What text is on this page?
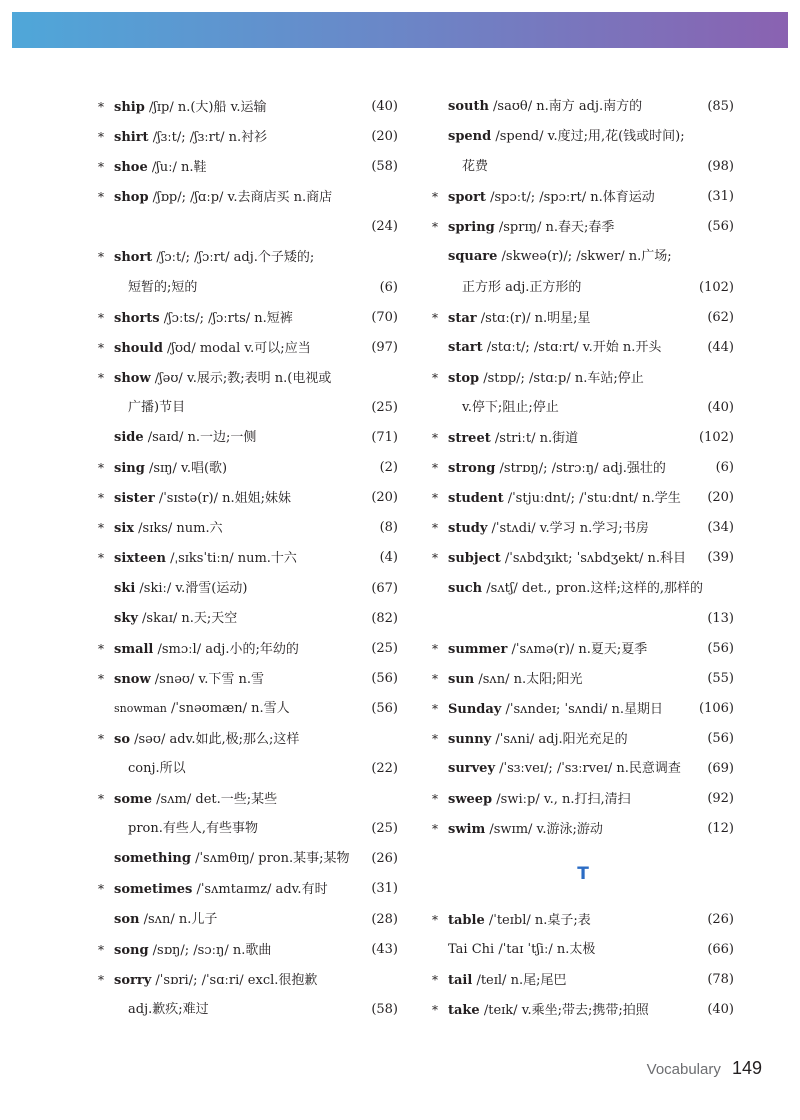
* ship /ʃɪp/ n.(大)船 v.运输	(40)
* shirt /ʃɜːt/; /ʃɜːrt/ n.衬衫	(20)
* shoe /ʃuː/ n.鞋	(58)
* shop /ʃɒp/; /ʃɑːp/ v.去商店买 n.商店
(24)
* short /ʃɔːt/; /ʃɔːrt/ adj.个子矮的;
短暂的;短的	(6)
* shorts /ʃɔːts/; /ʃɔːrts/ n.短裤	(70)
* should /ʃʊd/ modal v.可以;应当	(97)
* show /ʃəʊ/ v.展示;教;表明 n.(电视或
广播)节目	(25)
side /saɪd/ n.一边;一侧	(71)
* sing /sɪŋ/ v.唱(歌)	(2)
* sister /ˈsɪstə(r)/ n.姐姐;妹妹	(20)
* six /sɪks/ num.六	(8)
* sixteen /ˌsɪksˈtiːn/ num.十六	(4)
ski /skiː/ v.滑雪(运动)	(67)
sky /skaɪ/ n.天;天空	(82)
* small /smɔːl/ adj.小的;年幼的	(25)
* snow /snəʊ/ v.下雪 n.雪	(56)
snowman /ˈsnəʊmæn/ n.雪人	(56)
* so /səʊ/ adv.如此,极;那么;这样
conj.所以	(22)
* some /sʌm/ det.一些;某些
pron.有些人,有些事物	(25)
something /ˈsʌmθɪŋ/ pron.某事;某物 (26)
* sometimes /ˈsʌmtaɪmz/ adv.有时	(31)
son /sʌn/ n.儿子	(28)
* song /sɒŋ/; /sɔːŋ/ n.歌曲	(43)
* sorry /ˈsɒri/; /ˈsɑːri/ excl.很抱歉
adj.歉疚;难过	(58)
south /saʊθ/ n.南方 adj.南方的	(85)
spend /spend/ v.度过;用,花(钱或时间);
花费	(98)
* sport /spɔːt/; /spɔːrt/ n.体育运动	(31)
* spring /sprɪŋ/ n.春天;春季	(56)
square /skweə(r)/; /skwer/ n.广场;
正方形 adj.正方形的	(102)
* star /stɑː(r)/ n.明星;星	(62)
start /stɑːt/; /stɑːrt/ v.开始 n.开头	(44)
* stop /stɒp/; /stɑːp/ n.车站;停止
v.停下;阻止;停止	(40)
* street /striːt/ n.街道	(102)
* strong /strɒŋ/; /strɔːŋ/ adj.强壮的	(6)
* student /ˈstjuːdnt/; /ˈstuːdnt/ n.学生 (20)
* study /ˈstʌdi/ v.学习 n.学习;书房	(34)
* subject /ˈsʌbdʒɪkt; ˈsʌbdʒekt/ n.科目 (39)
such /sʌtʃ/ det., pron.这样;这样的,那样的
(13)
* summer /ˈsʌmə(r)/ n.夏天;夏季	(56)
* sun /sʌn/ n.太阳;阳光	(55)
* Sunday /ˈsʌndeɪ; ˈsʌndi/ n.星期日	(106)
* sunny /ˈsʌni/ adj.阳光充足的	(56)
survey /ˈsɜːveɪ/; /ˈsɜːrveɪ/ n.民意调查 (69)
* sweep /swiːp/ v., n.打扫,清扫	(92)
* swim /swɪm/ v.游泳;游动	(12)
T
* table /ˈteɪbl/ n.桌子;表	(26)
Tai Chi /ˈtaɪ ˈtʃiː/ n.太极	(66)
* tail /teɪl/ n.尾;尾巴	(78)
* take /teɪk/ v.乘坐;带去;携带;拍照	(40)
Vocabulary 149
